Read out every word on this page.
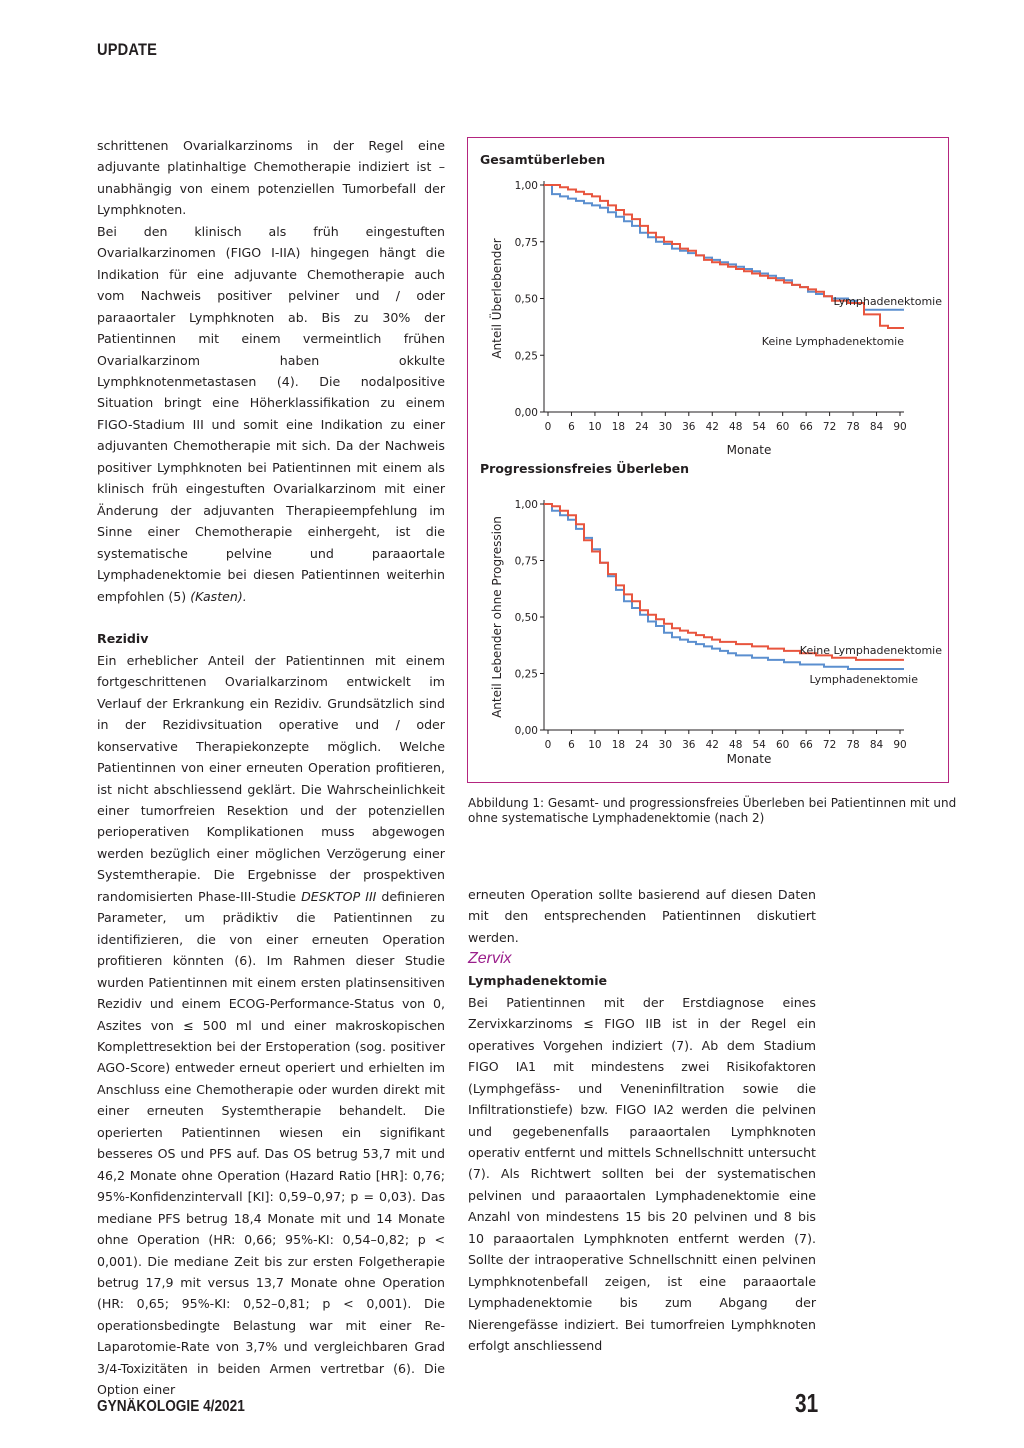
UPDATE

schrittenen Ovarialkarzinoms in der Regel eine adjuvante platinhaltige Chemotherapie indiziert ist – unabhängig von einem potenziellen Tumorbefall der Lymphknoten.

Bei den klinisch als früh eingestuften Ovarialkarzinomen (FIGO I-IIA) hingegen hängt die Indikation für eine adjuvante Chemotherapie auch vom Nachweis positiver pelviner und / oder paraaortaler Lymphknoten ab. Bis zu 30% der Patientinnen mit einem vermeintlich frühen Ovarialkarzinom haben okkulte Lymphknotenmetastasen (4). Die nodalpositive Situation bringt eine Höherklassifikation zu einem FIGO-Stadium III und somit eine Indikation zu einer adjuvanten Chemotherapie mit sich. Da der Nachweis positiver Lymphknoten bei Patientinnen mit einem als klinisch früh eingestuften Ovarialkarzinom mit einer Änderung der adjuvanten Therapieempfehlung im Sinne einer Chemotherapie einhergeht, ist die systematische pelvine und paraaortale Lymphadenektomie bei diesen Patientinnen weiterhin empfohlen (5) (Kasten).

Rezidiv

Ein erheblicher Anteil der Patientinnen mit einem fortgeschrittenen Ovarialkarzinom entwickelt im Verlauf der Erkrankung ein Rezidiv. Grundsätzlich sind in der Rezidivsituation operative und / oder konservative Therapiekonzepte möglich. Welche Patientinnen von einer erneuten Operation profitieren, ist nicht abschliessend geklärt. Die Wahrscheinlichkeit einer tumorfreien Resektion und der potenziellen perioperativen Komplikationen muss abgewogen werden bezüglich einer möglichen Verzögerung einer Systemtherapie. Die Ergebnisse der prospektiven randomisierten Phase-III-Studie DESKTOP III definieren Parameter, um prädiktiv die Patientinnen zu identifizieren, die von einer erneuten Operation profitieren könnten (6). Im Rahmen dieser Studie wurden Patientinnen mit einem ersten platinsensitiven Rezidiv und einem ECOG-Performance-Status von 0, Aszites von ≤ 500 ml und einer makroskopischen Komplettresektion bei der Erstoperation (sog. positiver AGO-Score) entweder erneut operiert und erhielten im Anschluss eine Chemotherapie oder wurden direkt mit einer erneuten Systemtherapie behandelt. Die operierten Patientinnen wiesen ein signifikant besseres OS und PFS auf. Das OS betrug 53,7 mit und 46,2 Monate ohne Operation (Hazard Ratio [HR]: 0,76; 95%-Konfidenzintervall [KI]: 0,59–0,97; p = 0,03). Das mediane PFS betrug 18,4 Monate mit und 14 Monate ohne Operation (HR: 0,66; 95%-KI: 0,54–0,82; p < 0,001). Die mediane Zeit bis zur ersten Folgetherapie betrug 17,9 mit versus 13,7 Monate ohne Operation (HR: 0,65; 95%-KI: 0,52–0,81; p < 0,001). Die operationsbedingte Belastung war mit einer Re-Laparotomie-Rate von 3,7% und vergleichbaren Grad 3/4-Toxizitäten in beiden Armen vertretbar (6). Die Option einer

Gesamtüberleben
0,00
0,25
0,50
0,75
1,00
0 6 10 18 24 30 36 42 48 54 60 66 72 78 84 90
Monate
Anteil Überlebender	Lymphadenektomie
Keine Lymphadenektomie
Progressionsfreies Überleben
0,00
0,25
0,50
0,75
1,00
0 6 10 18 24 30 36 42 48 54 60 66 72 78 84 90
Monate
Anteil Lebender ohne Progression	Keine Lymphadenektomie
Lymphadenektomie
Abbildung 1: Gesamt- und progressionsfreies Überleben bei Patientinnen mit und ohne systematische Lymphadenektomie (nach 2)

erneuten Operation sollte basierend auf diesen Daten mit den entsprechenden Patientinnen diskutiert werden.

Zervix

Lymphadenektomie

Bei Patientinnen mit der Erstdiagnose eines Zervixkarzinoms ≤ FIGO IIB ist in der Regel ein operatives Vorgehen indiziert (7). Ab dem Stadium FIGO IA1 mit mindestens zwei Risikofaktoren (Lymphgefäss- und Veneninfiltration sowie die Infiltrationstiefe) bzw. FIGO IA2 werden die pelvinen und gegebenenfalls paraaortalen Lymphknoten operativ entfernt und mittels Schnellschnitt untersucht (7). Als Richtwert sollten bei der systematischen pelvinen und paraaortalen Lymphadenektomie eine Anzahl von mindestens 15 bis 20 pelvinen und 8 bis 10 paraaortalen Lymphknoten entfernt werden (7). Sollte der intraoperative Schnellschnitt einen pelvinen Lymphknotenbefall zeigen, ist eine paraaortale Lymphadenektomie bis zum Abgang der Nierengefässe indiziert. Bei tumorfreien Lymphknoten erfolgt anschliessend

GYNÄKOLOGIE 4/2021	31
